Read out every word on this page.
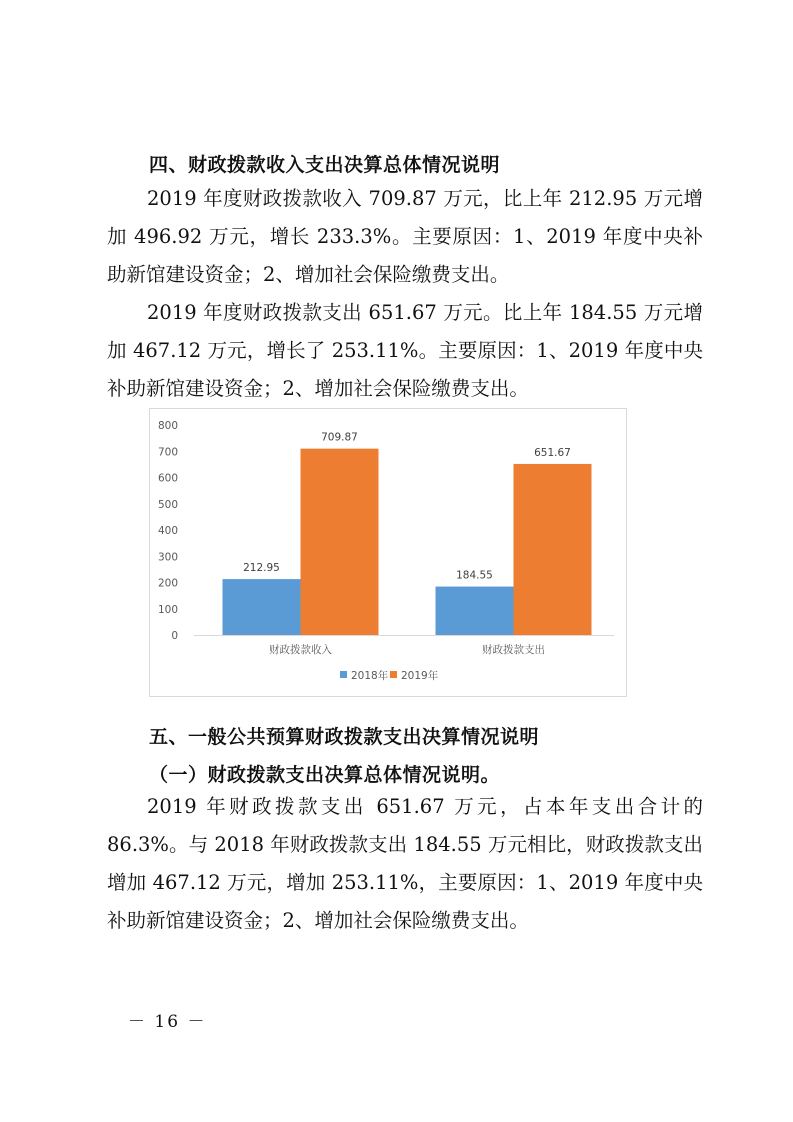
四、财政拨款收入支出决算总体情况说明
2019 年度财政拨款收入 709.87 万元，比上年 212.95 万元增加 496.92 万元，增长 233.3%。主要原因：1、2019 年度中央补助新馆建设资金；2、增加社会保险缴费支出。
2019 年度财政拨款支出 651.67 万元。比上年 184.55 万元增加 467.12 万元，增长了 253.11%。主要原因：1、2019 年度中央补助新馆建设资金；2、增加社会保险缴费支出。
0
100
200
300
400
500
600
700
800
212.95
709.87
财政拨款收入
184.55
651.67
财政拨款支出
2018年 2019年
五、一般公共预算财政拨款支出决算情况说明
（一）财政拨款支出决算总体情况说明。
2019 年财政拨款支出 651.67 万元，占本年支出合计的 86.3%。与 2018 年财政拨款支出 184.55 万元相比，财政拨款支出增加 467.12 万元，增加 253.11%，主要原因：1、2019 年度中央补助新馆建设资金；2、增加社会保险缴费支出。
－ 16 －
